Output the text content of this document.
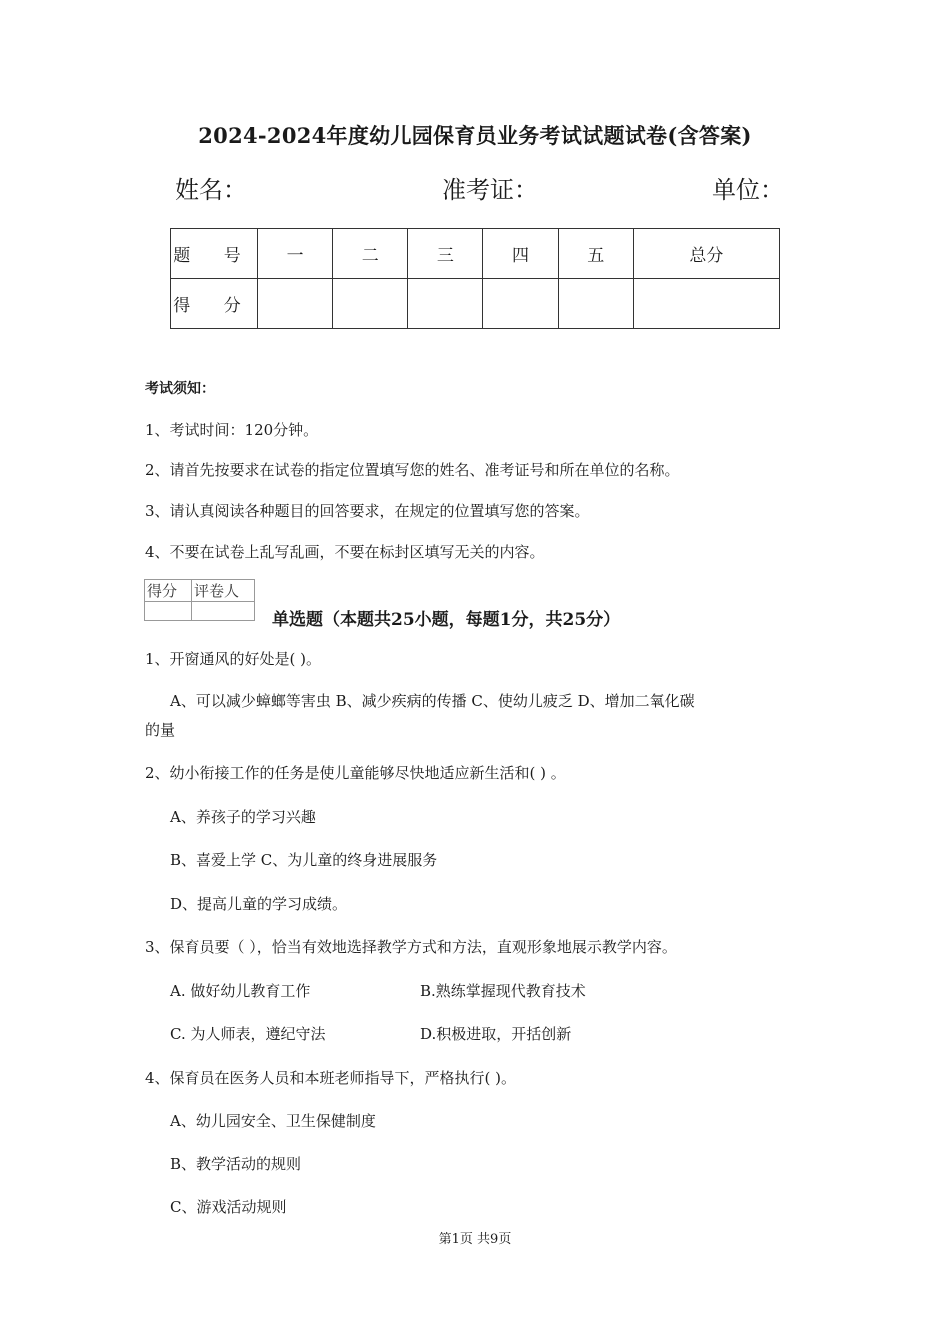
2024-2024年度幼儿园保育员业务考试试题试卷(含答案)
姓名：	准考证：	单位：
题 号	一	二	三	四	五	总分
得 分						
考试须知：
1、考试时间：120分钟。
2、请首先按要求在试卷的指定位置填写您的姓名、准考证号和所在单位的名称。
3、请认真阅读各种题目的回答要求，在规定的位置填写您的答案。
4、不要在试卷上乱写乱画，不要在标封区填写无关的内容。
得分	评卷人

单选题（本题共25小题，每题1分，共25分）
1、开窗通风的好处是( )。
A、可以减少蟑螂等害虫 B、减少疾病的传播 C、使幼儿疲乏 D、增加二氧化碳
的量
2、幼小衔接工作的任务是使儿童能够尽快地适应新生活和( ) 。
A、养孩子的学习兴趣
B、喜爱上学 C、为儿童的终身进展服务
D、提高儿童的学习成绩。
3、保育员要（ ），恰当有效地选择教学方式和方法，直观形象地展示教学内容。
A. 做好幼儿教育工作	B.熟练掌握现代教育技术
C. 为人师表，遵纪守法	D.积极进取，开括创新
4、保育员在医务人员和本班老师指导下，严格执行( )。
A、幼儿园安全、卫生保健制度
B、教学活动的规则
C、游戏活动规则
第1页 共9页
